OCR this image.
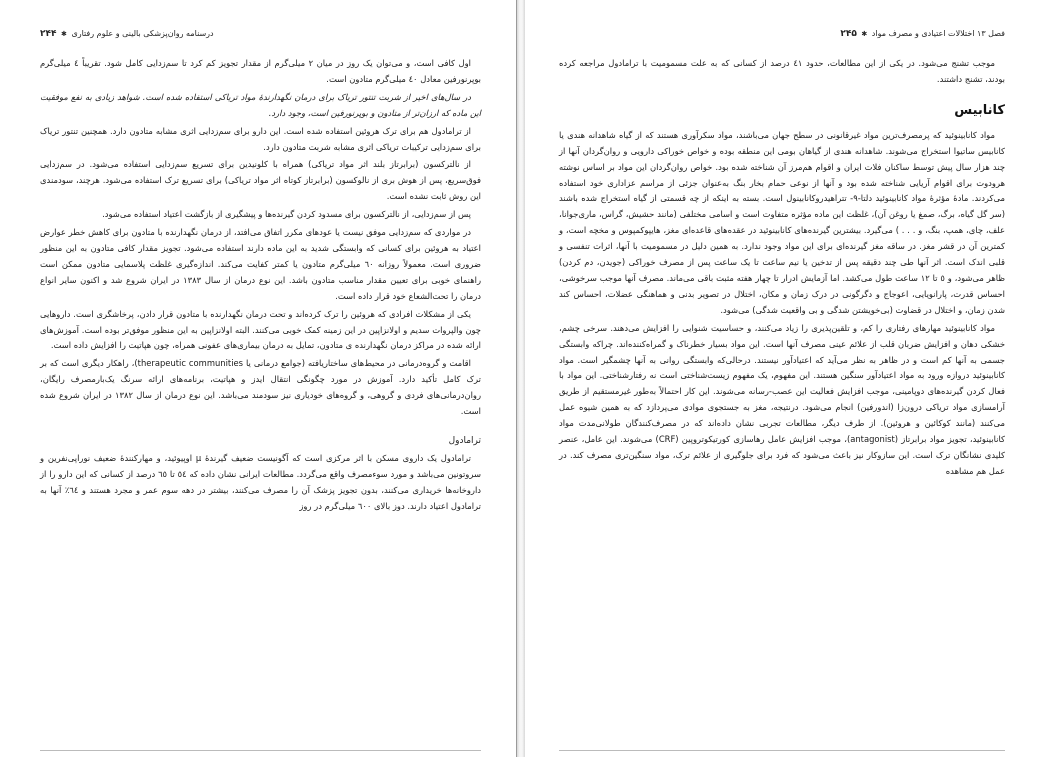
۲۴۴ ✱ درسنامه روان‌پزشکی بالینی و علوم رفتاری

اول کافی است، و می‌توان یک روز در میان ۲ میلی‌گرم از مقدار تجویز کم کرد تا سم‌زدایی کامل شود. تقریباً ٤ میلی‌گرم بوپرنورفین معادل ٤٠ میلی‌گرم متادون است.

در سال‌های اخیر از شربت تنتور تریاک برای درمان نگهدارندهٔ مواد تریاکی استفاده شده است. شواهد زیادی به نفع موفقیت این ماده که ارزان‌تر از متادون و بوپرنورفین است، وجود دارد.

از ترامادول هم برای ترک هروئین استفاده شده است. این دارو برای سم‌زدایی اثری مشابه متادون دارد. همچنین تنتور تریاک برای سم‌زدایی ترکیبات تریاکی اثری مشابه شربت متادون دارد.

از نالترکسون (برابرتاز بلند اثر مواد تریاکی) همراه با کلونیدین برای تسریع سم‌زدایی استفاده می‌شود. در سم‌زدایی فوق‌سریع، پس از هوش بری از نالوکسون (برابرتاز کوتاه اثر مواد تریاکی) برای تسریع ترک استفاده می‌شود. هرچند، سودمندی این روش ثابت نشده است.

پس از سم‌زدایی، از نالترکسون برای مسدود کردن گیرنده‌ها و پیشگیری از بازگشت اعتیاد استفاده می‌شود.

در مواردی که سم‌زدایی موفق نیست یا عودهای مکرر اتفاق می‌افتد، از درمان نگهدارنده با متادون برای کاهش خطر عوارض اعتیاد به هروئین برای کسانی که وابستگی شدید به این ماده دارند استفاده می‌شود. تجویز مقدار کافی متادون به این منظور ضروری است. معمولاً روزانه ٦٠ میلی‌گرم متادون یا کمتر کفایت می‌کند. اندازه‌گیری غلظت پلاسمایی متادون ممکن است راهنمای خوبی برای تعیین مقدار مناسب متادون باشد. این نوع درمان از سال ۱۳۸۳ در ایران شروع شد و اکنون سایر انواع درمان را تحت‌الشعاع خود قرار داده است.

یکی از مشکلات افرادی که هروئین را ترک کرده‌اند و تحت درمان نگهدارنده با متادون قرار دادن، پرخاشگری است. داروهایی چون والپروات سدیم و اولانزاپین در این زمینه کمک خوبی می‌کنند. البته اولانزاپین به این منظور موفق‌تر بوده است. آموزش‌های ارائه شده در مراکز درمان نگهدارنده ی متادون، تمایل به درمان بیماری‌های عفونی همراه، چون هپاتیت را افزایش داده است.

اقامت و گروه‌درمانی در محیط‌های ساختاریافته (جوامع درمانی یا therapeutic communities)، راهکار دیگری است که بر ترک کامل تأکید دارد. آموزش در مورد چگونگی انتقال ایدز و هپاتیت، برنامه‌های ارائه سرنگ یک‌بارمصرف رایگان، روان‌درمانی‌های فردی و گروهی، و گروه‌های خودیاری نیز سودمند می‌باشد. این نوع درمان از سال ۱۳۸۲ در ایران شروع شده است.

ترامادول

ترامادول یک داروی مسکن با اثر مرکزی است که آگونیست ضعیف گیرندهٔ μ اوپیوئید، و مهارکنندهٔ ضعیف نوراپی‌نفرین و سروتونین می‌باشد و مورد سوءمصرف واقع می‌گردد. مطالعات ایرانی نشان داده که ٥٤ تا ٦٥ درصد از کسانی که این دارو را از داروخانه‌ها خریداری می‌کنند، بدون تجویز پزشک آن را مصرف می‌کنند، بیشتر در دهه سوم عمر و مجرد هستند و ٦٤٪ آنها به ترامادول اعتیاد دارند. دوز بالای ٦٠٠ میلی‌گرم در روز

فصل ۱۳ اختلالات اعتیادی و مصرف مواد ✱ ۲۴۵

موجب تشنج می‌شود. در یکی از این مطالعات، حدود ٤١ درصد از کسانی که به علت مسمومیت با ترامادول مراجعه کرده بودند، تشنج داشتند.

کانابیس

مواد کانابینوئید که پرمصرف‌ترین مواد غیرقانونی در سطح جهان می‌باشند، مواد سکرآوری هستند که از گیاه شاهدانه هندی یا کانابیس ساتیوا استخراج می‌شوند. شاهدانه هندی از گیاهان بومی این منطقه بوده و خواص خوراکی دارویی و روان‌گردان آنها از چند هزار سال پیش توسط ساکنان فلات ایران و اقوام هم‌مرز آن شناخته شده بود. خواص روان‌گردان این مواد بر اساس نوشته هرودوت برای اقوام آریایی شناخته شده بود و آنها از نوعی حمام بخار بنگ به‌عنوان جزئی از مراسم عزاداری خود استفاده می‌کردند. مادهٔ مؤثرهٔ مواد کانابینوئید دلتا-٩- تتراهیدروکانابینول است. بسته به اینکه از چه قسمتی از گیاه استخراج شده باشند (سر گل گیاه، برگ، صمغ یا روغن آن)، غلظت این ماده مؤثره متفاوت است و اسامی مختلفی (مانند حشیش، گراس، ماری‌جوانا، علف، چای، همپ، بنگ، و . . . ) می‌گیرد. بیشترین گیرنده‌های کانابینوئید در عقده‌های قاعده‌ای مغز، هایپوکمپوس و مخچه است، و کمترین آن در قشر مغز. در ساقه مغز گیرنده‌ای برای این مواد وجود ندارد. به همین دلیل در مسمومیت با آنها، اثرات تنفسی و قلبی اندک است. اثر آنها طی چند دقیقه پس از تدخین یا نیم ساعت تا یک ساعت پس از مصرف خوراکی (جویدن، دم کردن) ظاهر می‌شود، و ٥ تا ١٢ ساعت طول می‌کشد. اما آزمایش ادرار تا چهار هفته مثبت باقی می‌ماند. مصرف آنها موجب سرخوشی، احساس قدرت، پارانویایی، اعوجاج و دگرگونی در درک زمان و مکان، اختلال در تصویر بدنی و هماهنگی عضلات، احساس کند شدن زمان، و اختلال در قضاوت (بی‌خویشتن شدگی و بی واقعیت شدگی) می‌شود.

مواد کانابینوئید مهارهای رفتاری را کم، و تلقین‌پذیری را زیاد می‌کنند، و حساسیت شنوایی را افزایش می‌دهند. سرخی چشم، خشکی دهان و افزایش ضربان قلب از علائم عینی مصرف آنها است. این مواد بسیار خطرناک و گمراه‌کننده‌اند. چراکه وابستگی جسمی به آنها کم است و در ظاهر به نظر می‌آید که اعتیادآور نیستند. درحالی‌که وابستگی روانی به آنها چشمگیر است. مواد کانابینوئید دروازه ورود به مواد اعتیادآور سنگین هستند. این مفهوم، یک مفهوم زیست‌شناختی است نه رفتارشناختی. این مواد با فعال کردن گیرنده‌های دوپامینی، موجب افزایش فعالیت این عصب-رسانه می‌شوند. این کار احتمالاً به‌طور غیرمستقیم از طریق آرامسازی مواد تریاکی درون‌زا (اندورفین) انجام می‌شود. درنتیجه، مغز به جستجوی موادی می‌پردازد که به همین شیوه عمل می‌کنند (مانند کوکائین و هروئین). از طرف دیگر، مطالعات تجربی نشان داده‌اند که در مصرف‌کنندگان طولانی‌مدت مواد کانابینوئید، تجویز مواد برابرتاز (antagonist)، موجب افزایش عامل رهاسازی کورتیکوتروپین (CRF) می‌شوند. این عامل، عنصر کلیدی نشانگان ترک است. این سازوکار نیز باعث می‌شود که فرد برای جلوگیری از علائم ترک، مواد سنگین‌تری مصرف کند. در عمل هم مشاهده
